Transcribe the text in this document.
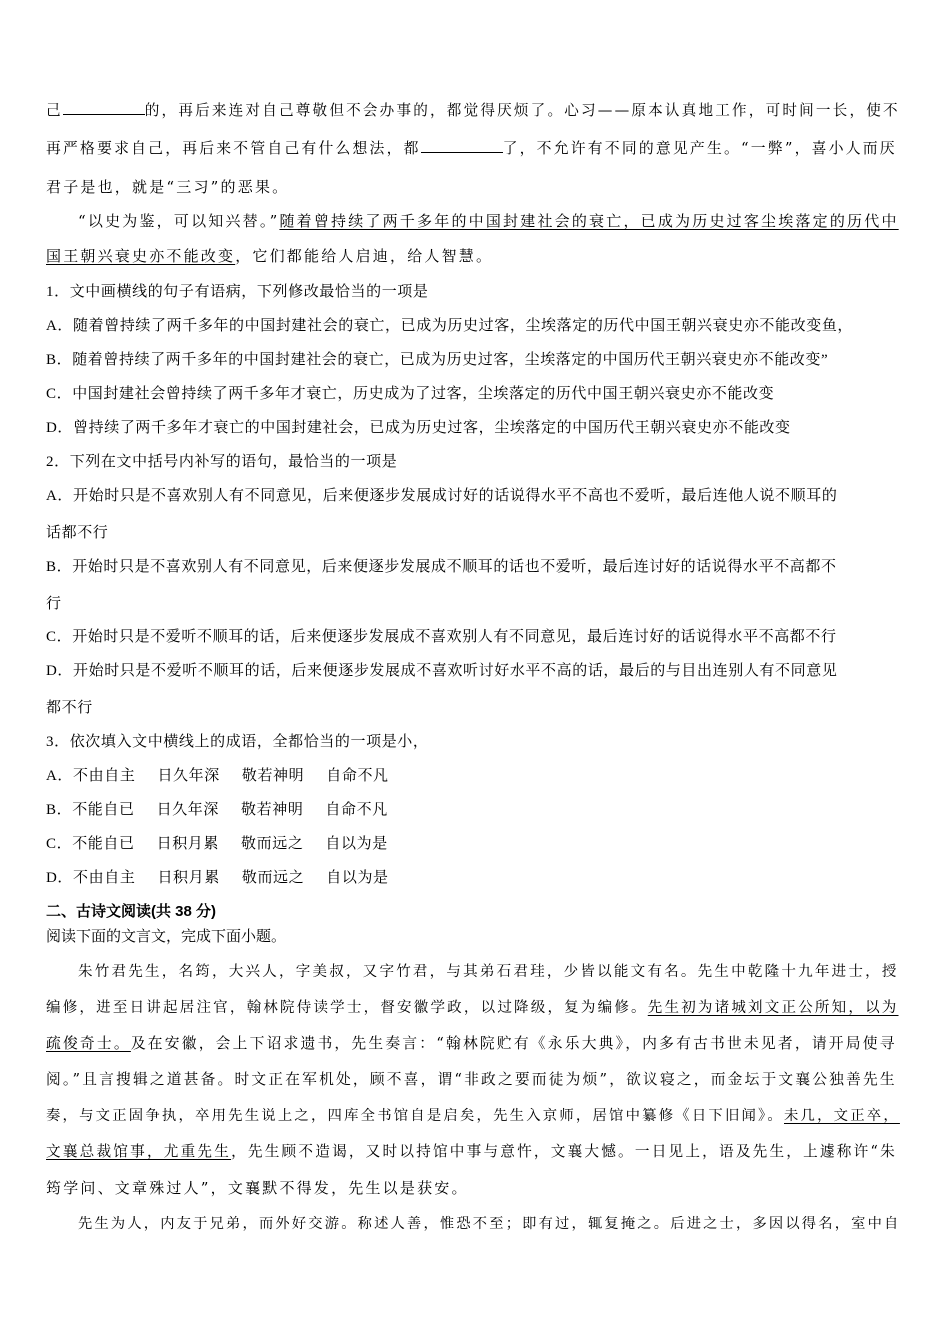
己	的，再后来连对自己尊敬但不会办事的，都觉得厌烦了。心习——原本认真地工作，可时间一长，使不
再严格要求自己，再后来不管自己有什么想法，都	了，不允许有不同的意见产生。“一弊”，喜小人而厌
君子是也，就是“三习”的恶果。
“以史为鉴，可以知兴替。”随着曾持续了两千多年的中国封建社会的衰亡，已成为历史过客尘埃落定的历代中
国王朝兴衰史亦不能改变，它们都能给人启迪，给人智慧。
1．文中画横线的句子有语病，下列修改最恰当的一项是
A．随着曾持续了两千多年的中国封建社会的衰亡，已成为历史过客，尘埃落定的历代中国王朝兴衰史亦不能改变鱼，
B．随着曾持续了两千多年的中国封建社会的衰亡，已成为历史过客，尘埃落定的中国历代王朝兴衰史亦不能改变”
C．中国封建社会曾持续了两千多年才衰亡，历史成为了过客，尘埃落定的历代中国王朝兴衰史亦不能改变
D．曾持续了两千多年才衰亡的中国封建社会，已成为历史过客，尘埃落定的中国历代王朝兴衰史亦不能改变
2．下列在文中括号内补写的语句，最恰当的一项是
A．开始时只是不喜欢别人有不同意见，后来便逐步发展成讨好的话说得水平不高也不爱听，最后连他人说不顺耳的
话都不行
B．开始时只是不喜欢别人有不同意见，后来便逐步发展成不顺耳的话也不爱听，最后连讨好的话说得水平不高都不
行
C．开始时只是不爱听不顺耳的话，后来便逐步发展成不喜欢别人有不同意见，最后连讨好的话说得水平不高都不行
D．开始时只是不爱听不顺耳的话，后来便逐步发展成不喜欢听讨好水平不高的话，最后的与目出连别人有不同意见
都不行
3．依次填入文中横线上的成语，全都恰当的一项是小，
A．不由自主 日久年深 敬若神明 自命不凡
B．不能自已 日久年深 敬若神明 自命不凡
C．不能自已 日积月累 敬而远之 自以为是
D．不由自主 日积月累 敬而远之 自以为是
二、古诗文阅读(共 38 分)
阅读下面的文言文，完成下面小题。
朱竹君先生，名筠，大兴人，字美叔，又字竹君，与其弟石君珪，少皆以能文有名。先生中乾隆十九年进士，授
编修，进至日讲起居注官，翰林院侍读学士，督安徽学政，以过降级，复为编修。先生初为诸城刘文正公所知，以为
疏俊奇士。及在安徽，会上下诏求遗书，先生奏言：“翰林院贮有《永乐大典》，内多有古书世未见者，请开局使寻
阅。”且言搜辑之道甚备。时文正在军机处，顾不喜，谓“非政之要而徒为烦”，欲议寝之，而金坛于文襄公独善先生
奏，与文正固争执，卒用先生说上之，四库全书馆自是启矣，先生入京师，居馆中纂修《日下旧闻》。未几，文正卒，
文襄总裁馆事，尤重先生，先生顾不造谒，又时以持馆中事与意忤，文襄大憾。一日见上，语及先生，上遽称许“朱
筠学问、文章殊过人”，文襄默不得发，先生以是获安。
先生为人，内友于兄弟，而外好交游。称述人善，惟恐不至；即有过，辄复掩之。后进之士，多因以得名，室中自
